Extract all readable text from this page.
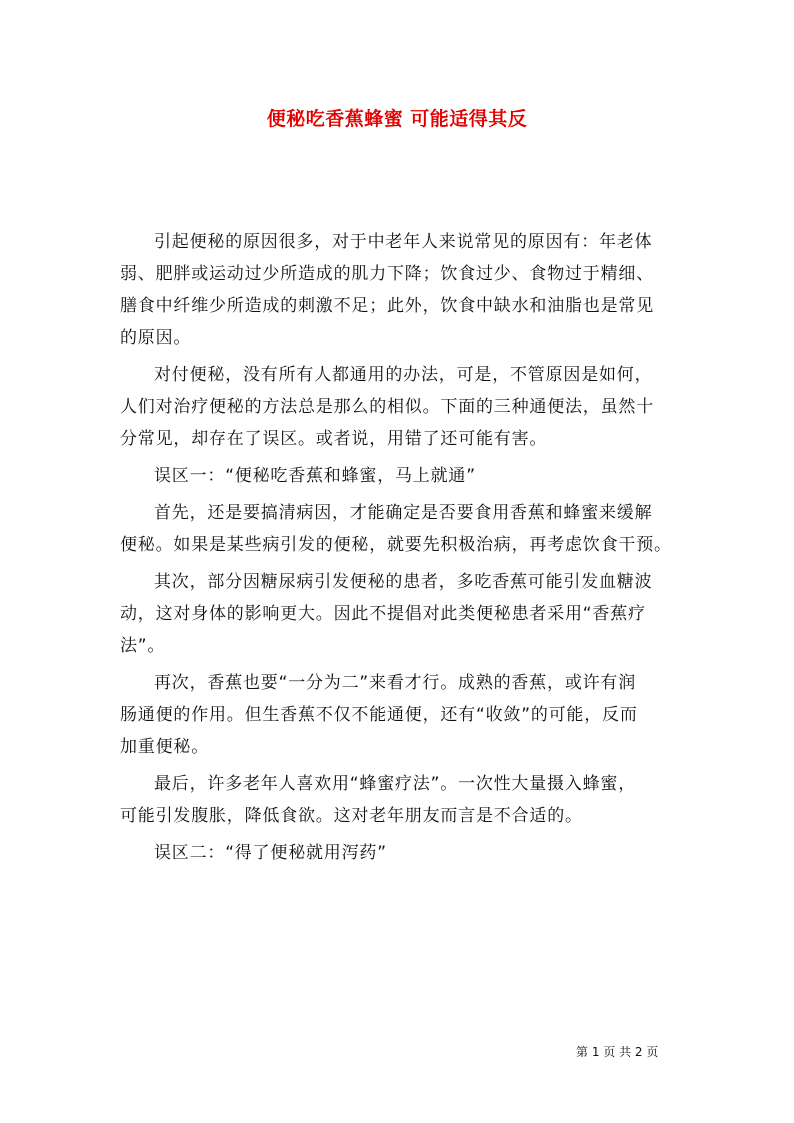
便秘吃香蕉蜂蜜 可能适得其反

引起便秘的原因很多，对于中老年人来说常见的原因有：年老体
弱、肥胖或运动过少所造成的肌力下降；饮食过少、食物过于精细、
膳食中纤维少所造成的刺激不足；此外，饮食中缺水和油脂也是常见
的原因。

对付便秘，没有所有人都通用的办法，可是，不管原因是如何，
人们对治疗便秘的方法总是那么的相似。下面的三种通便法，虽然十
分常见，却存在了误区。或者说，用错了还可能有害。

误区一：“便秘吃香蕉和蜂蜜，马上就通”

首先，还是要搞清病因，才能确定是否要食用香蕉和蜂蜜来缓解
便秘。如果是某些病引发的便秘，就要先积极治病，再考虑饮食干预。

其次，部分因糖尿病引发便秘的患者，多吃香蕉可能引发血糖波
动，这对身体的影响更大。因此不提倡对此类便秘患者采用“香蕉疗
法”。

再次，香蕉也要“一分为二”来看才行。成熟的香蕉，或许有润
肠通便的作用。但生香蕉不仅不能通便，还有“收敛”的可能，反而
加重便秘。

最后，许多老年人喜欢用“蜂蜜疗法”。一次性大量摄入蜂蜜，
可能引发腹胀，降低食欲。这对老年朋友而言是不合适的。

误区二：“得了便秘就用泻药”

第 1 页 共 2 页
